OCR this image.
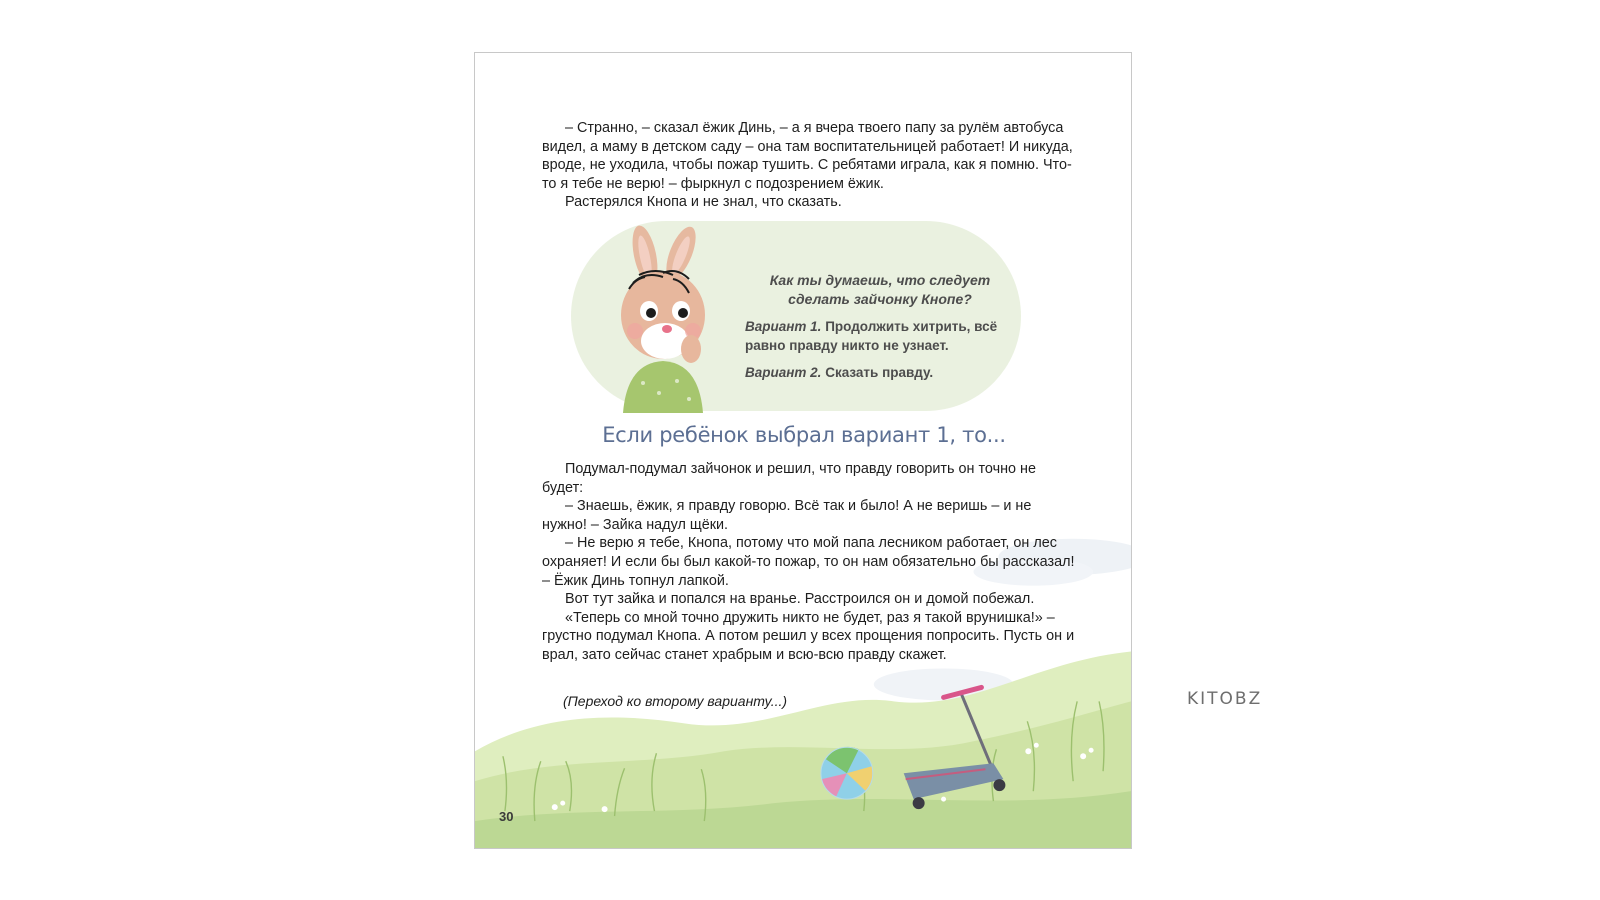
– Странно, – сказал ёжик Динь, – а я вчера твоего папу за рулём автобуса видел, а маму в детском саду – она там воспитательницей работает! И никуда, вроде, не уходила, чтобы пожар тушить. С ребятами играла, как я помню. Что-то я тебе не верю! – фыркнул с подозрением ёжик.

Растерялся Кнопа и не знал, что сказать.

Как ты думаешь, что следует сделать зайчонку Кнопе?

Вариант 1. Продолжить хитрить, всё равно правду никто не узнает.

Вариант 2. Сказать правду.

Если ребёнок выбрал вариант 1, то...

Подумал-подумал зайчонок и решил, что правду говорить он точно не будет:

– Знаешь, ёжик, я правду говорю. Всё так и было! А не веришь – и не нужно! – Зайка надул щёки.

– Не верю я тебе, Кнопа, потому что мой папа лесником работает, он лес охраняет! И если бы был какой-то пожар, то он нам обязательно бы рассказал! – Ёжик Динь топнул лапкой.

Вот тут зайка и попался на вранье. Расстроился он и домой побежал.

«Теперь со мной точно дружить никто не будет, раз я такой врунишка!» – грустно подумал Кнопа. А потом решил у всех прощения попросить. Пусть он и врал, зато сейчас станет храбрым и всю-всю правду скажет.

(Переход ко второму варианту...)

30
KITOBZ
